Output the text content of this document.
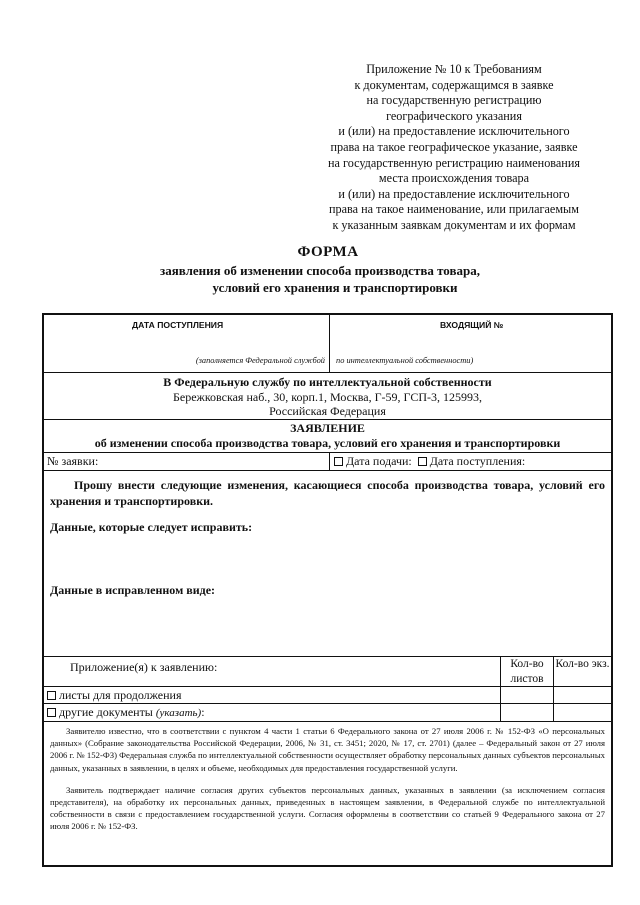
Приложение № 10 к Требованиям
к документам, содержащимся в заявке
на государственную регистрацию
географического указания
и (или) на предоставление исключительного
права на такое географическое указание, заявке
на государственную регистрацию наименования
места происхождения товара
и (или) на предоставление исключительного
права на такое наименование, или прилагаемым
к указанным заявкам документам и их формам
ФОРМА
заявления об изменении способа производства товара,
условий его хранения и транспортировки
ДАТА ПОСТУПЛЕНИЯ
(заполняется Федеральной службой
ВХОДЯЩИЙ №
по интеллектуальной собственности)
В Федеральную службу по интеллектуальной собственности
Бережковская наб., 30, корп.1, Москва, Г-59, ГСП-3, 125993,
Российская Федерация
ЗАЯВЛЕНИЕ
об изменении способа производства товара, условий его хранения и транспортировки
№ заявки:	Дата подачи: Дата поступления:
Прошу внести следующие изменения, касающиеся способа производства товара, условий его хранения и транспортировки.
Данные, которые следует исправить:
Данные в исправленном виде:
Приложение(я) к заявлению:	Кол-во листов
Кол-во экз.
листы для продолжения
другие документы (указать):

Заявителю известно, что в соответствии с пунктом 4 части 1 статьи 6 Федерального закона от 27 июля 2006 г. № 152-ФЗ «О персональных данных» (Собрание законодательства Российской Федерации, 2006, № 31, ст. 3451; 2020, № 17, ст. 2701) (далее – Федеральный закон от 27 июля 2006 г. № 152-ФЗ) Федеральная служба по интеллектуальной собственности осуществляет обработку персональных данных субъектов персональных данных, указанных в заявлении, в целях и объеме, необходимых для предоставления государственной услуги.

Заявитель подтверждает наличие согласия других субъектов персональных данных, указанных в заявлении (за исключением согласия представителя), на обработку их персональных данных, приведенных в настоящем заявлении, в Федеральной службе по интеллектуальной собственности в связи с предоставлением государственной услуги. Согласия оформлены в соответствии со статьей 9 Федерального закона от 27 июля 2006 г. № 152-ФЗ.
